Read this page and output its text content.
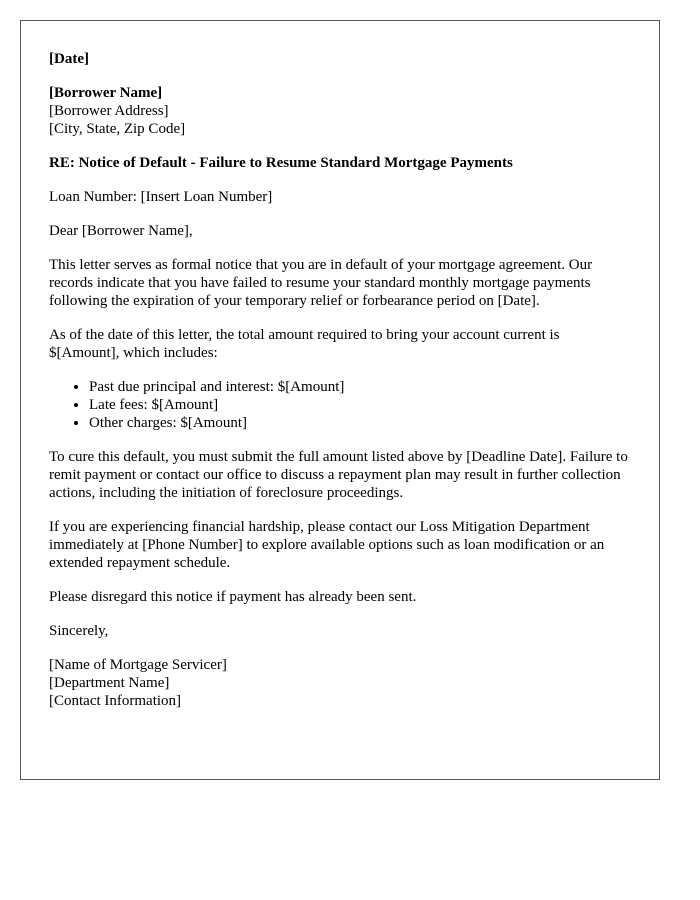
[Date]

[Borrower Name]
[Borrower Address]
[City, State, Zip Code]

RE: Notice of Default - Failure to Resume Standard Mortgage Payments

Loan Number: [Insert Loan Number]

Dear [Borrower Name],

This letter serves as formal notice that you are in default of your mortgage agreement. Our records indicate that you have failed to resume your standard monthly mortgage payments following the expiration of your temporary relief or forbearance period on [Date].

As of the date of this letter, the total amount required to bring your account current is $[Amount], which includes:

• Past due principal and interest: $[Amount]
• Late fees: $[Amount]
• Other charges: $[Amount]

To cure this default, you must submit the full amount listed above by [Deadline Date]. Failure to remit payment or contact our office to discuss a repayment plan may result in further collection actions, including the initiation of foreclosure proceedings.

If you are experiencing financial hardship, please contact our Loss Mitigation Department immediately at [Phone Number] to explore available options such as loan modification or an extended repayment schedule.

Please disregard this notice if payment has already been sent.

Sincerely,

[Name of Mortgage Servicer]
[Department Name]
[Contact Information]
